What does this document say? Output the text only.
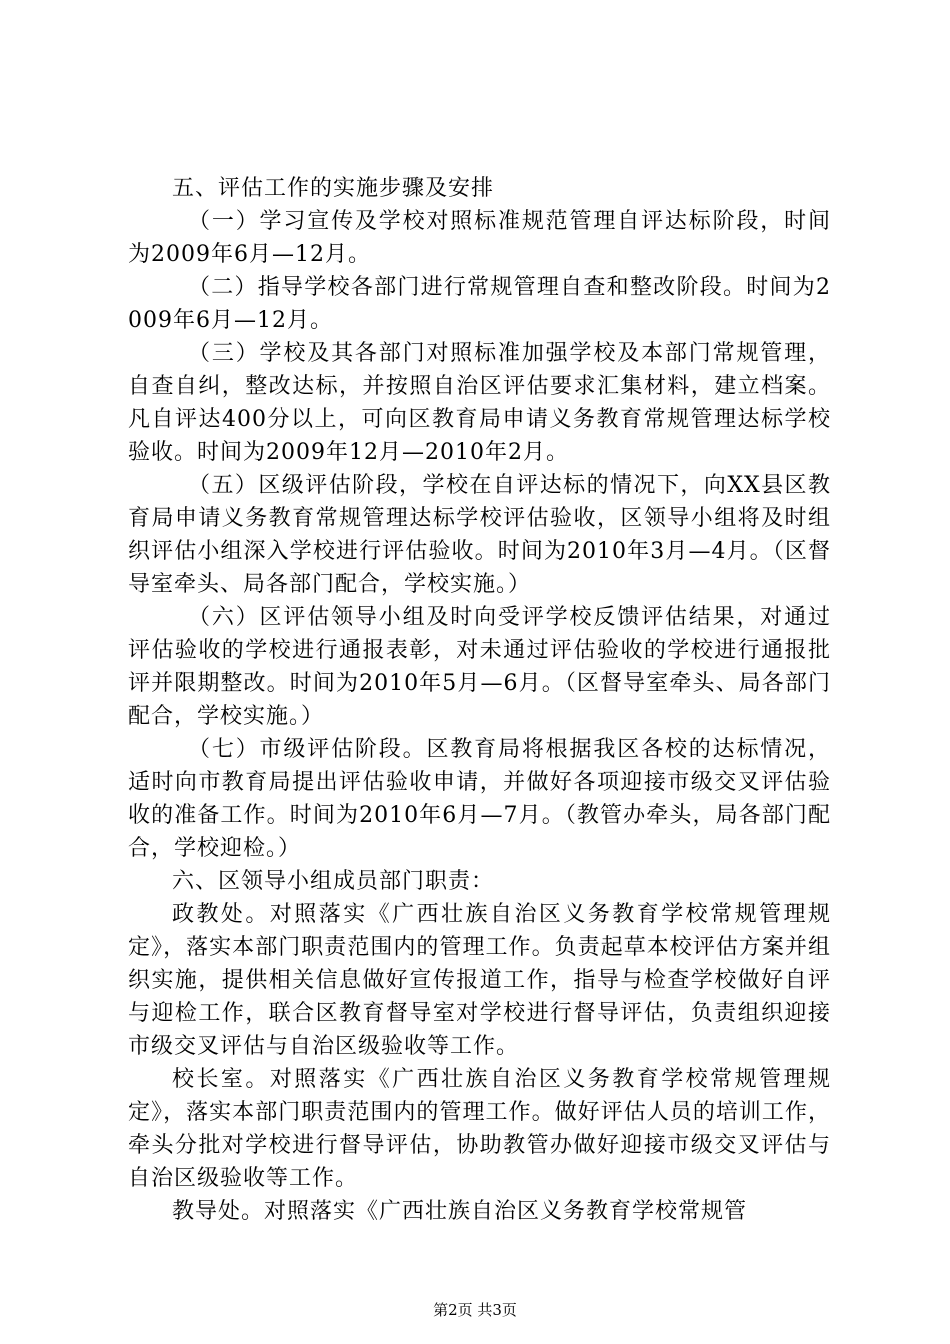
五、评估工作的实施步骤及安排

（一）学习宣传及学校对照标准规范管理自评达标阶段，时间为2009年6月—12月。

（二）指导学校各部门进行常规管理自查和整改阶段。时间为2009年6月—12月。

（三）学校及其各部门对照标准加强学校及本部门常规管理，自查自纠，整改达标，并按照自治区评估要求汇集材料，建立档案。凡自评达400分以上，可向区教育局申请义务教育常规管理达标学校验收。时间为2009年12月—2010年2月。

（五）区级评估阶段，学校在自评达标的情况下，向XX县区教育局申请义务教育常规管理达标学校评估验收，区领导小组将及时组织评估小组深入学校进行评估验收。时间为2010年3月—4月。（区督导室牵头、局各部门配合，学校实施。）

（六）区评估领导小组及时向受评学校反馈评估结果，对通过评估验收的学校进行通报表彰，对未通过评估验收的学校进行通报批评并限期整改。时间为2010年5月—6月。（区督导室牵头、局各部门配合，学校实施。）

（七）市级评估阶段。区教育局将根据我区各校的达标情况，适时向市教育局提出评估验收申请，并做好各项迎接市级交叉评估验收的准备工作。时间为2010年6月—7月。（教管办牵头，局各部门配合，学校迎检。）

六、区领导小组成员部门职责：

政教处。对照落实《广西壮族自治区义务教育学校常规管理规定》，落实本部门职责范围内的管理工作。负责起草本校评估方案并组织实施，提供相关信息做好宣传报道工作，指导与检查学校做好自评与迎检工作，联合区教育督导室对学校进行督导评估，负责组织迎接市级交叉评估与自治区级验收等工作。

校长室。对照落实《广西壮族自治区义务教育学校常规管理规定》，落实本部门职责范围内的管理工作。做好评估人员的培训工作，牵头分批对学校进行督导评估，协助教管办做好迎接市级交叉评估与自治区级验收等工作。

教导处。对照落实《广西壮族自治区义务教育学校常规管

第2页 共3页
